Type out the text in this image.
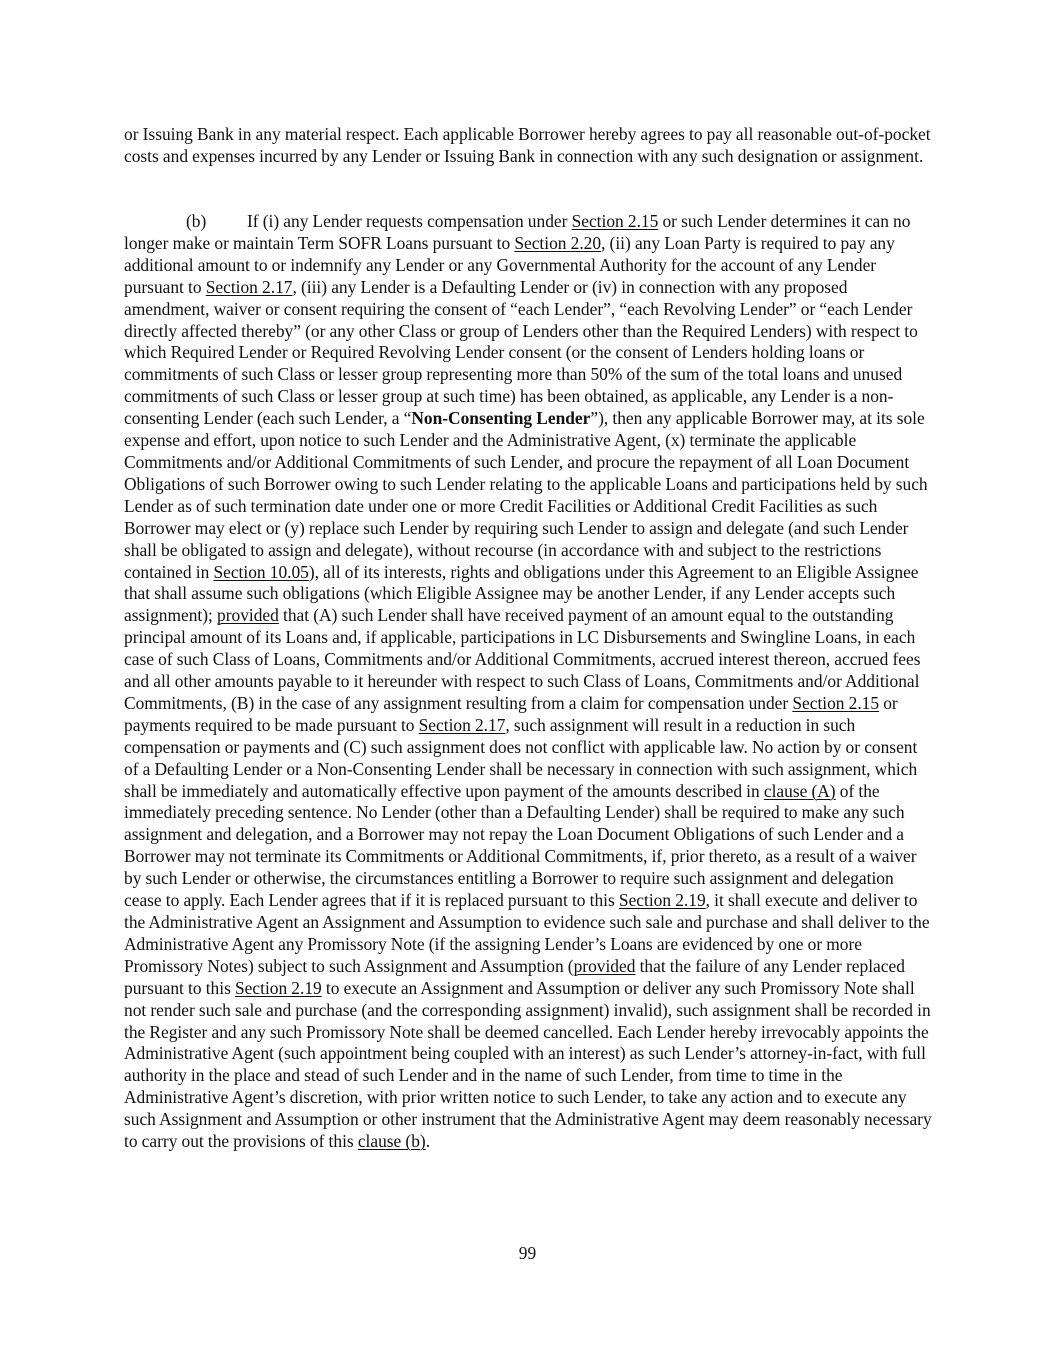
or Issuing Bank in any material respect. Each applicable Borrower hereby agrees to pay all reasonable out-of-pocket costs and expenses incurred by any Lender or Issuing Bank in connection with any such designation or assignment.
(b) If (i) any Lender requests compensation under Section 2.15 or such Lender determines it can no longer make or maintain Term SOFR Loans pursuant to Section 2.20, (ii) any Loan Party is required to pay any additional amount to or indemnify any Lender or any Governmental Authority for the account of any Lender pursuant to Section 2.17, (iii) any Lender is a Defaulting Lender or (iv) in connection with any proposed amendment, waiver or consent requiring the consent of “each Lender”, “each Revolving Lender” or “each Lender directly affected thereby” (or any other Class or group of Lenders other than the Required Lenders) with respect to which Required Lender or Required Revolving Lender consent (or the consent of Lenders holding loans or commitments of such Class or lesser group representing more than 50% of the sum of the total loans and unused commitments of such Class or lesser group at such time) has been obtained, as applicable, any Lender is a non-consenting Lender (each such Lender, a “Non-Consenting Lender”), then any applicable Borrower may, at its sole expense and effort, upon notice to such Lender and the Administrative Agent, (x) terminate the applicable Commitments and/or Additional Commitments of such Lender, and procure the repayment of all Loan Document Obligations of such Borrower owing to such Lender relating to the applicable Loans and participations held by such Lender as of such termination date under one or more Credit Facilities or Additional Credit Facilities as such Borrower may elect or (y) replace such Lender by requiring such Lender to assign and delegate (and such Lender shall be obligated to assign and delegate), without recourse (in accordance with and subject to the restrictions contained in Section 10.05), all of its interests, rights and obligations under this Agreement to an Eligible Assignee that shall assume such obligations (which Eligible Assignee may be another Lender, if any Lender accepts such assignment); provided that (A) such Lender shall have received payment of an amount equal to the outstanding principal amount of its Loans and, if applicable, participations in LC Disbursements and Swingline Loans, in each case of such Class of Loans, Commitments and/or Additional Commitments, accrued interest thereon, accrued fees and all other amounts payable to it hereunder with respect to such Class of Loans, Commitments and/or Additional Commitments, (B) in the case of any assignment resulting from a claim for compensation under Section 2.15 or payments required to be made pursuant to Section 2.17, such assignment will result in a reduction in such compensation or payments and (C) such assignment does not conflict with applicable law. No action by or consent of a Defaulting Lender or a Non-Consenting Lender shall be necessary in connection with such assignment, which shall be immediately and automatically effective upon payment of the amounts described in clause (A) of the immediately preceding sentence. No Lender (other than a Defaulting Lender) shall be required to make any such assignment and delegation, and a Borrower may not repay the Loan Document Obligations of such Lender and a Borrower may not terminate its Commitments or Additional Commitments, if, prior thereto, as a result of a waiver by such Lender or otherwise, the circumstances entitling a Borrower to require such assignment and delegation cease to apply. Each Lender agrees that if it is replaced pursuant to this Section 2.19, it shall execute and deliver to the Administrative Agent an Assignment and Assumption to evidence such sale and purchase and shall deliver to the Administrative Agent any Promissory Note (if the assigning Lender’s Loans are evidenced by one or more Promissory Notes) subject to such Assignment and Assumption (provided that the failure of any Lender replaced pursuant to this Section 2.19 to execute an Assignment and Assumption or deliver any such Promissory Note shall not render such sale and purchase (and the corresponding assignment) invalid), such assignment shall be recorded in the Register and any such Promissory Note shall be deemed cancelled. Each Lender hereby irrevocably appoints the Administrative Agent (such appointment being coupled with an interest) as such Lender’s attorney-in-fact, with full authority in the place and stead of such Lender and in the name of such Lender, from time to time in the Administrative Agent’s discretion, with prior written notice to such Lender, to take any action and to execute any such Assignment and Assumption or other instrument that the Administrative Agent may deem reasonably necessary to carry out the provisions of this clause (b).
99
